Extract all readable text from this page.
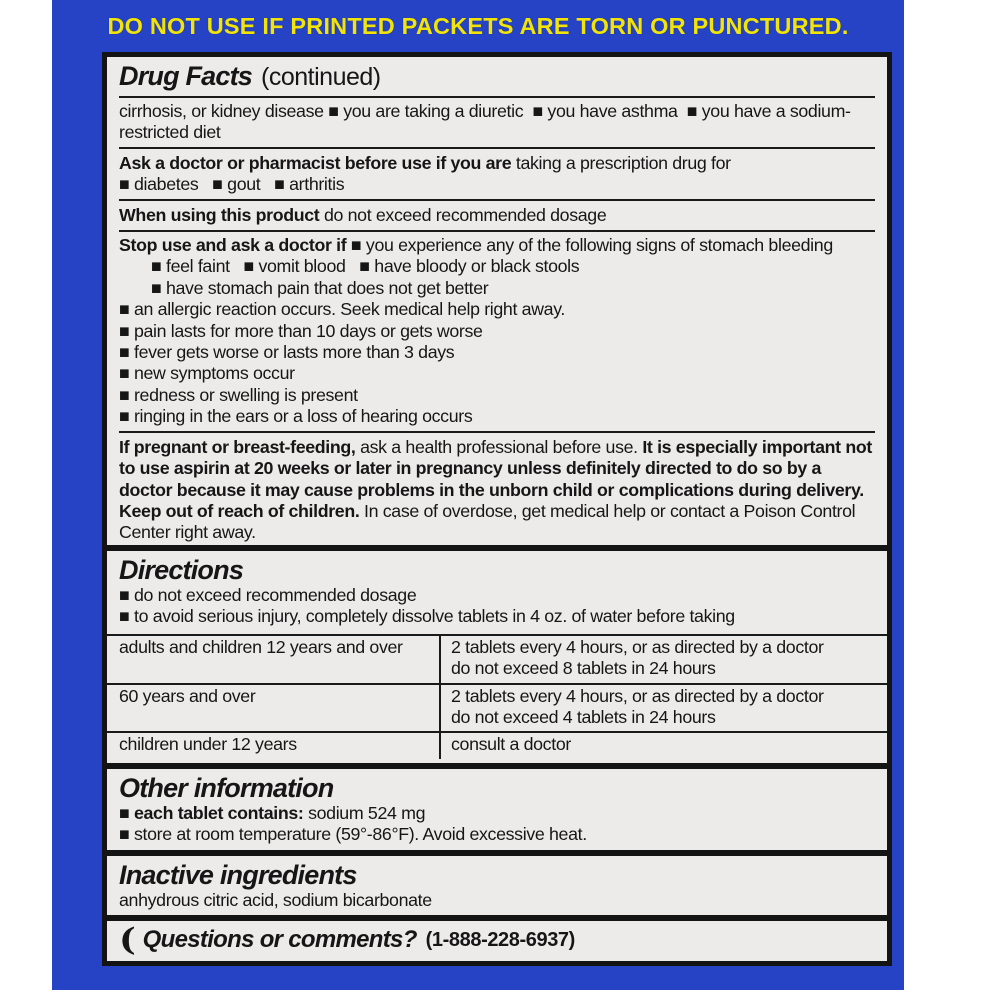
DO NOT USE IF PRINTED PACKETS ARE TORN OR PUNCTURED.
Drug Facts (continued)
cirrhosis, or kidney disease ■ you are taking a diuretic  ■ you have asthma  ■ you have a sodium-restricted diet
Ask a doctor or pharmacist before use if you are taking a prescription drug for
■ diabetes   ■ gout   ■ arthritis
When using this product do not exceed recommended dosage
Stop use and ask a doctor if ■ you experience any of the following signs of stomach bleeding
■ feel faint   ■ vomit blood   ■ have bloody or black stools
■ have stomach pain that does not get better
■ an allergic reaction occurs. Seek medical help right away.
■ pain lasts for more than 10 days or gets worse
■ fever gets worse or lasts more than 3 days
■ new symptoms occur
■ redness or swelling is present
■ ringing in the ears or a loss of hearing occurs
If pregnant or breast-feeding, ask a health professional before use. It is especially important not to use aspirin at 20 weeks or later in pregnancy unless definitely directed to do so by a doctor because it may cause problems in the unborn child or complications during delivery. Keep out of reach of children. In case of overdose, get medical help or contact a Poison Control Center right away.
Directions
■ do not exceed recommended dosage
■ to avoid serious injury, completely dissolve tablets in 4 oz. of water before taking
adults and children 12 years and over	2 tablets every 4 hours, or as directed by a doctor
do not exceed 8 tablets in 24 hours

60 years and over	2 tablets every 4 hours, or as directed by a doctor
do not exceed 4 tablets in 24 hours

children under 12 years	consult a doctor
Other information
■ each tablet contains: sodium 524 mg
■ store at room temperature (59°-86°F). Avoid excessive heat.
Inactive ingredients
anhydrous citric acid, sodium bicarbonate
( Questions or comments? (1-888-228-6937)
